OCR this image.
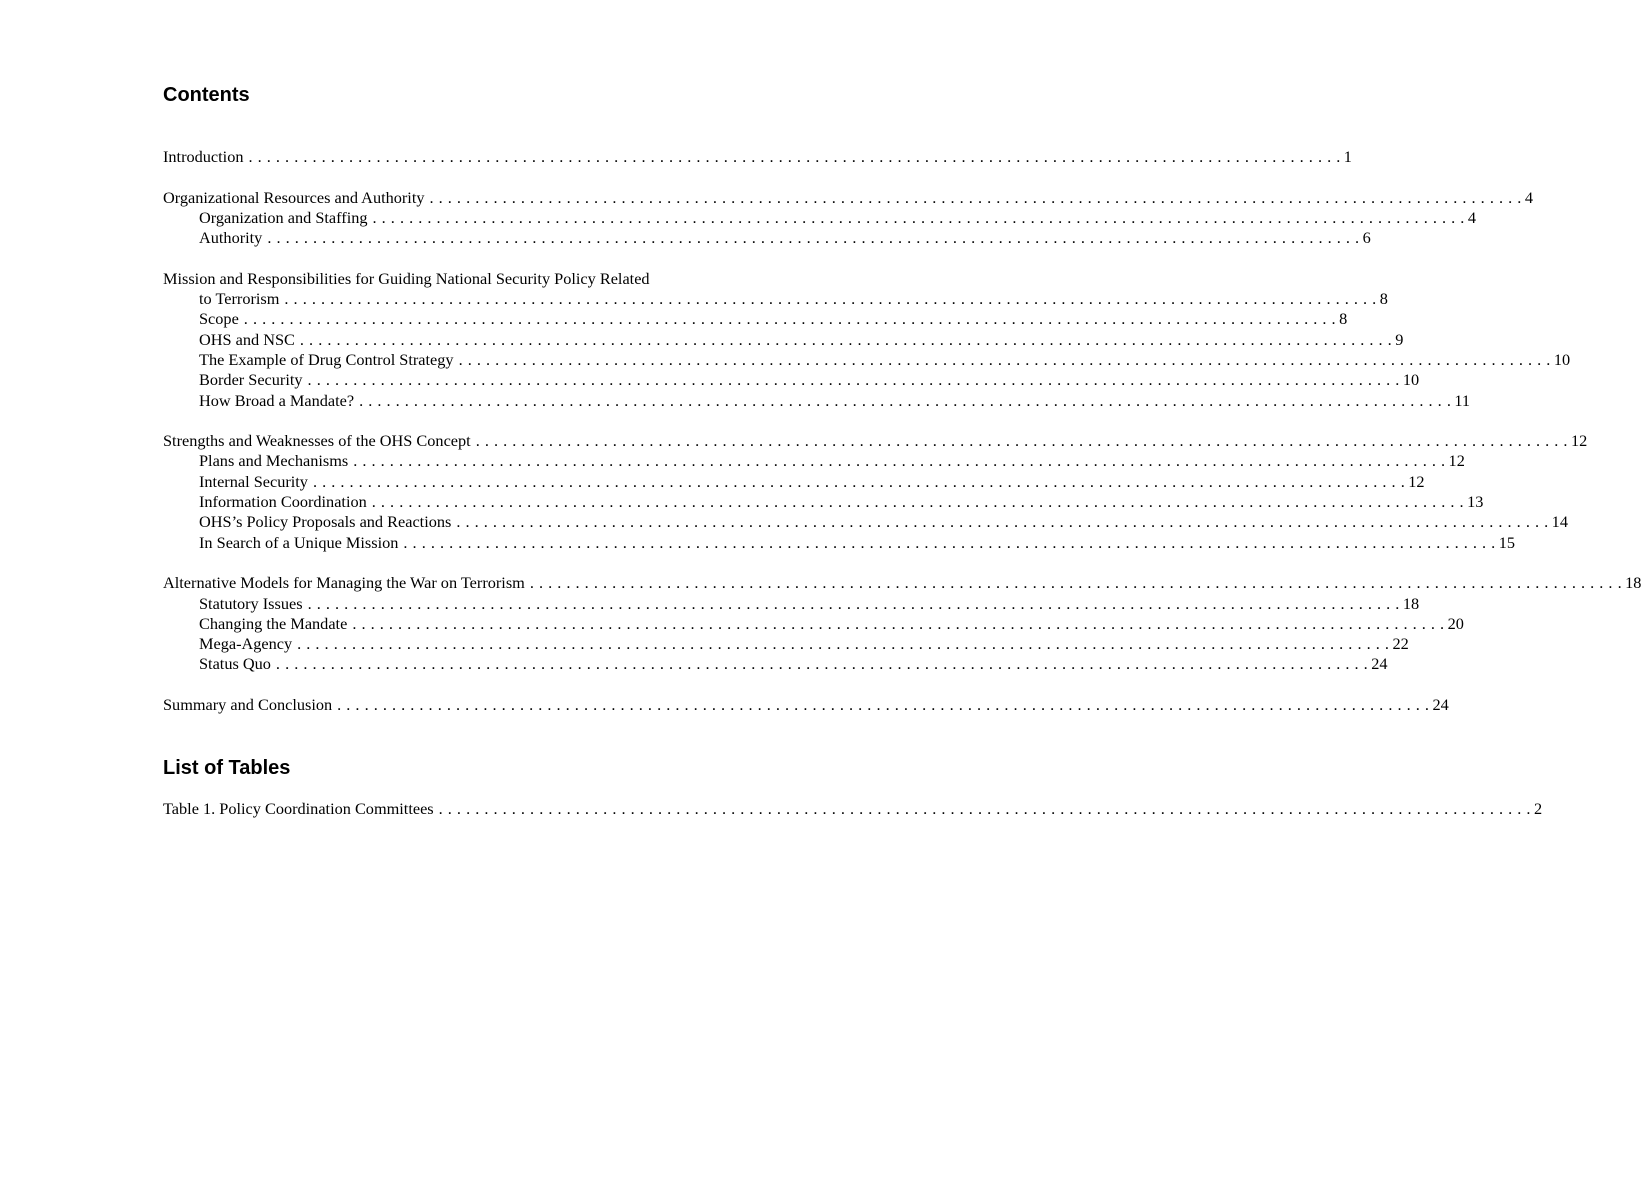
Contents
Introduction . . . . . . . . . . . . . . . . . . . . . . . . . . . . . . . . . . . . . . . . . . . . . . . . . . . . . . . . . . . . . . . . . . . . . . . . . . . . . . . . . . . . . . . . . . . . . . . . . . . . . . . . . . . . . . . . . . . . . . . . 1
Organizational Resources and Authority . . . . . . . . . . . . . . . . . . . . . . . . . . . . . . . . . . . . . . . . . . . . . . . . . . . . . . . . . . . . . . . . . . . . . . . . . . . . . . . . . . . . . . . . . . . . . . . . . . . . . . . . . . . . . . . . . . . . . . . . 4
Organization and Staffing . . . . . . . . . . . . . . . . . . . . . . . . . . . . . . . . . . . . . . . . . . . . . . . . . . . . . . . . . . . . . . . . . . . . . . . . . . . . . . . . . . . . . . . . . . . . . . . . . . . . . . . . . . . . . . . . . . . . . . . . 4
Authority . . . . . . . . . . . . . . . . . . . . . . . . . . . . . . . . . . . . . . . . . . . . . . . . . . . . . . . . . . . . . . . . . . . . . . . . . . . . . . . . . . . . . . . . . . . . . . . . . . . . . . . . . . . . . . . . . . . . . . . . 6
Mission and Responsibilities for Guiding National Security Policy Related
to Terrorism . . . . . . . . . . . . . . . . . . . . . . . . . . . . . . . . . . . . . . . . . . . . . . . . . . . . . . . . . . . . . . . . . . . . . . . . . . . . . . . . . . . . . . . . . . . . . . . . . . . . . . . . . . . . . . . . . . . . . . . . 8
Scope . . . . . . . . . . . . . . . . . . . . . . . . . . . . . . . . . . . . . . . . . . . . . . . . . . . . . . . . . . . . . . . . . . . . . . . . . . . . . . . . . . . . . . . . . . . . . . . . . . . . . . . . . . . . . . . . . . . . . . . . 8
OHS and NSC . . . . . . . . . . . . . . . . . . . . . . . . . . . . . . . . . . . . . . . . . . . . . . . . . . . . . . . . . . . . . . . . . . . . . . . . . . . . . . . . . . . . . . . . . . . . . . . . . . . . . . . . . . . . . . . . . . . . . . . . 9
The Example of Drug Control Strategy . . . . . . . . . . . . . . . . . . . . . . . . . . . . . . . . . . . . . . . . . . . . . . . . . . . . . . . . . . . . . . . . . . . . . . . . . . . . . . . . . . . . . . . . . . . . . . . . . . . . . . . . . . . . . . . . . . . . . . . . 10
Border Security . . . . . . . . . . . . . . . . . . . . . . . . . . . . . . . . . . . . . . . . . . . . . . . . . . . . . . . . . . . . . . . . . . . . . . . . . . . . . . . . . . . . . . . . . . . . . . . . . . . . . . . . . . . . . . . . . . . . . . . . 10
How Broad a Mandate? . . . . . . . . . . . . . . . . . . . . . . . . . . . . . . . . . . . . . . . . . . . . . . . . . . . . . . . . . . . . . . . . . . . . . . . . . . . . . . . . . . . . . . . . . . . . . . . . . . . . . . . . . . . . . . . . . . . . . . . . 11
Strengths and Weaknesses of the OHS Concept . . . . . . . . . . . . . . . . . . . . . . . . . . . . . . . . . . . . . . . . . . . . . . . . . . . . . . . . . . . . . . . . . . . . . . . . . . . . . . . . . . . . . . . . . . . . . . . . . . . . . . . . . . . . . . . . . . . . . . . . 12
Plans and Mechanisms . . . . . . . . . . . . . . . . . . . . . . . . . . . . . . . . . . . . . . . . . . . . . . . . . . . . . . . . . . . . . . . . . . . . . . . . . . . . . . . . . . . . . . . . . . . . . . . . . . . . . . . . . . . . . . . . . . . . . . . . 12
Internal Security . . . . . . . . . . . . . . . . . . . . . . . . . . . . . . . . . . . . . . . . . . . . . . . . . . . . . . . . . . . . . . . . . . . . . . . . . . . . . . . . . . . . . . . . . . . . . . . . . . . . . . . . . . . . . . . . . . . . . . . . 12
Information Coordination . . . . . . . . . . . . . . . . . . . . . . . . . . . . . . . . . . . . . . . . . . . . . . . . . . . . . . . . . . . . . . . . . . . . . . . . . . . . . . . . . . . . . . . . . . . . . . . . . . . . . . . . . . . . . . . . . . . . . . . . 13
OHS’s Policy Proposals and Reactions . . . . . . . . . . . . . . . . . . . . . . . . . . . . . . . . . . . . . . . . . . . . . . . . . . . . . . . . . . . . . . . . . . . . . . . . . . . . . . . . . . . . . . . . . . . . . . . . . . . . . . . . . . . . . . . . . . . . . . . . 14
In Search of a Unique Mission . . . . . . . . . . . . . . . . . . . . . . . . . . . . . . . . . . . . . . . . . . . . . . . . . . . . . . . . . . . . . . . . . . . . . . . . . . . . . . . . . . . . . . . . . . . . . . . . . . . . . . . . . . . . . . . . . . . . . . . . 15
Alternative Models for Managing the War on Terrorism . . . . . . . . . . . . . . . . . . . . . . . . . . . . . . . . . . . . . . . . . . . . . . . . . . . . . . . . . . . . . . . . . . . . . . . . . . . . . . . . . . . . . . . . . . . . . . . . . . . . . . . . . . . . . . . . . . . . . . . . 18
Statutory Issues . . . . . . . . . . . . . . . . . . . . . . . . . . . . . . . . . . . . . . . . . . . . . . . . . . . . . . . . . . . . . . . . . . . . . . . . . . . . . . . . . . . . . . . . . . . . . . . . . . . . . . . . . . . . . . . . . . . . . . . . 18
Changing the Mandate . . . . . . . . . . . . . . . . . . . . . . . . . . . . . . . . . . . . . . . . . . . . . . . . . . . . . . . . . . . . . . . . . . . . . . . . . . . . . . . . . . . . . . . . . . . . . . . . . . . . . . . . . . . . . . . . . . . . . . . . 20
Mega-Agency . . . . . . . . . . . . . . . . . . . . . . . . . . . . . . . . . . . . . . . . . . . . . . . . . . . . . . . . . . . . . . . . . . . . . . . . . . . . . . . . . . . . . . . . . . . . . . . . . . . . . . . . . . . . . . . . . . . . . . . . 22
Status Quo . . . . . . . . . . . . . . . . . . . . . . . . . . . . . . . . . . . . . . . . . . . . . . . . . . . . . . . . . . . . . . . . . . . . . . . . . . . . . . . . . . . . . . . . . . . . . . . . . . . . . . . . . . . . . . . . . . . . . . . . 24
Summary and Conclusion . . . . . . . . . . . . . . . . . . . . . . . . . . . . . . . . . . . . . . . . . . . . . . . . . . . . . . . . . . . . . . . . . . . . . . . . . . . . . . . . . . . . . . . . . . . . . . . . . . . . . . . . . . . . . . . . . . . . . . . . 24
List of Tables
Table 1. Policy Coordination Committees . . . . . . . . . . . . . . . . . . . . . . . . . . . . . . . . . . . . . . . . . . . . . . . . . . . . . . . . . . . . . . . . . . . . . . . . . . . . . . . . . . . . . . . . . . . . . . . . . . . . . . . . . . . . . . . . . . . . . . . . 2
